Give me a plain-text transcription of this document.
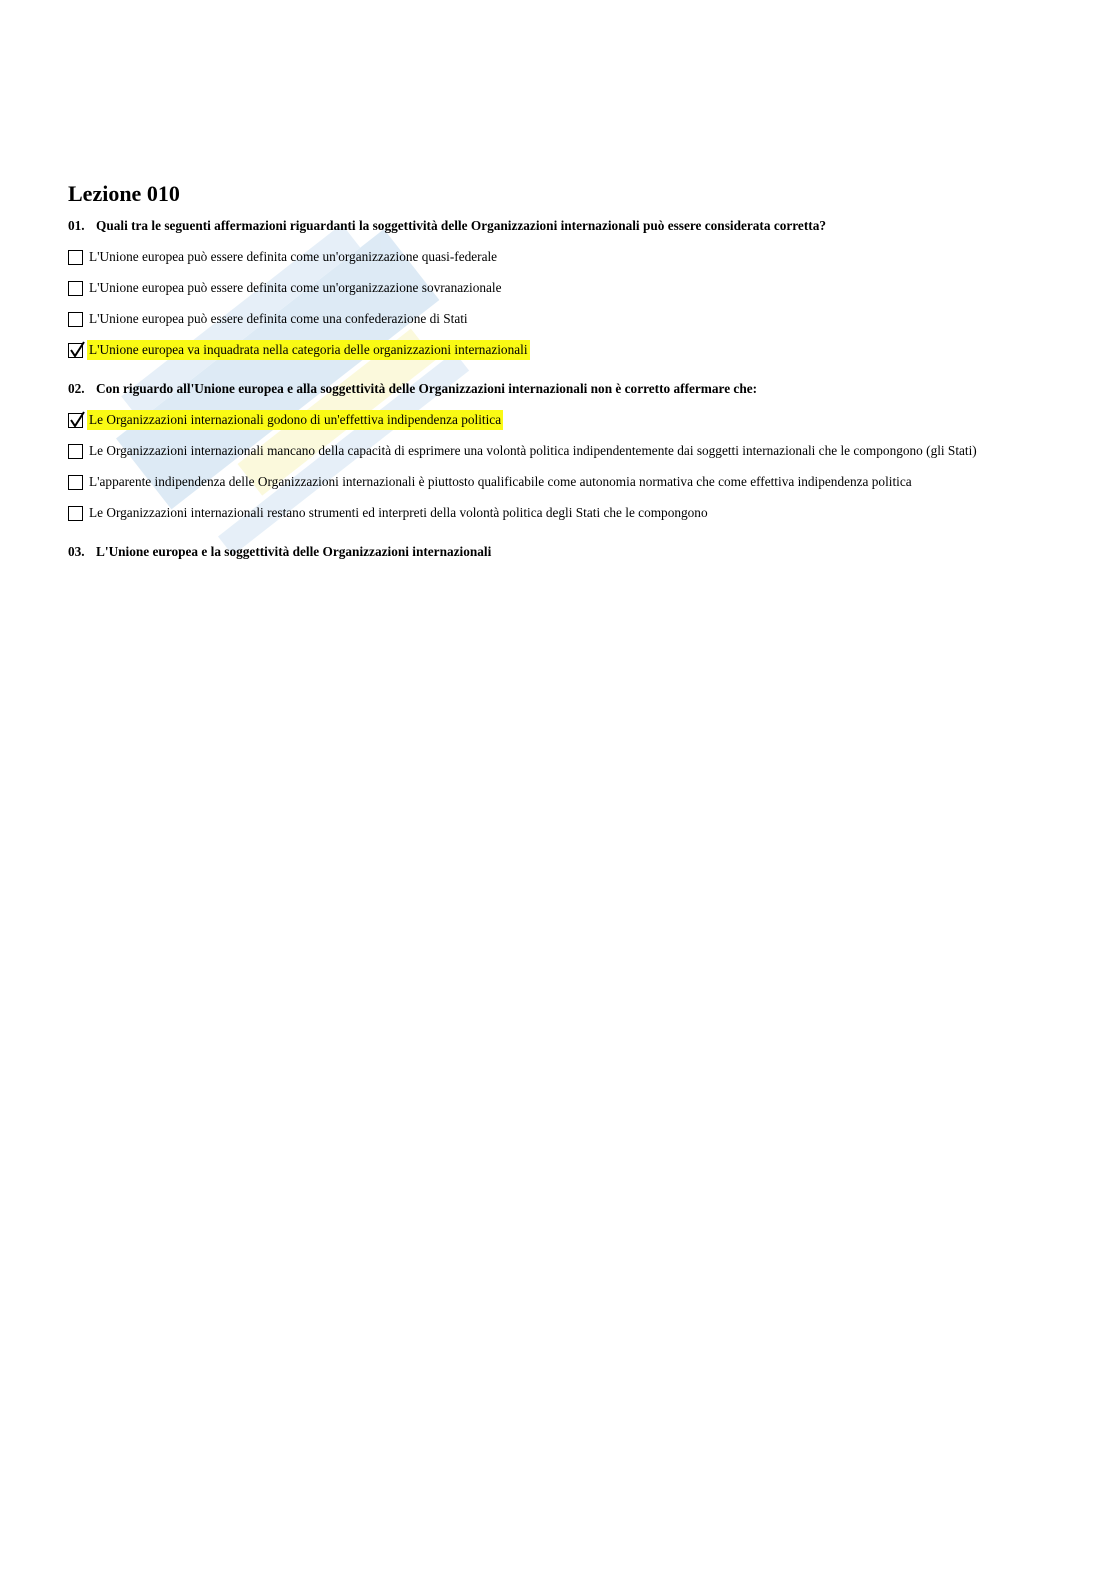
Lezione 010
01. Quali tra le seguenti affermazioni riguardanti la soggettività delle Organizzazioni internazionali può essere considerata corretta?
L'Unione europea può essere definita come un'organizzazione quasi-federale
L'Unione europea può essere definita come un'organizzazione sovranazionale
L'Unione europea può essere definita come una confederazione di Stati
L'Unione europea va inquadrata nella categoria delle organizzazioni internazionali
02. Con riguardo all'Unione europea e alla soggettività delle Organizzazioni internazionali non è corretto affermare che:
Le Organizzazioni internazionali godono di un'effettiva indipendenza politica
Le Organizzazioni internazionali mancano della capacità di esprimere una volontà politica indipendentemente dai soggetti internazionali che le compongono (gli Stati)
L'apparente indipendenza delle Organizzazioni internazionali è piuttosto qualificabile come autonomia normativa che come effettiva indipendenza politica
Le Organizzazioni internazionali restano strumenti ed interpreti della volontà politica degli Stati che le compongono
03. L'Unione europea e la soggettività delle Organizzazioni internazionali
